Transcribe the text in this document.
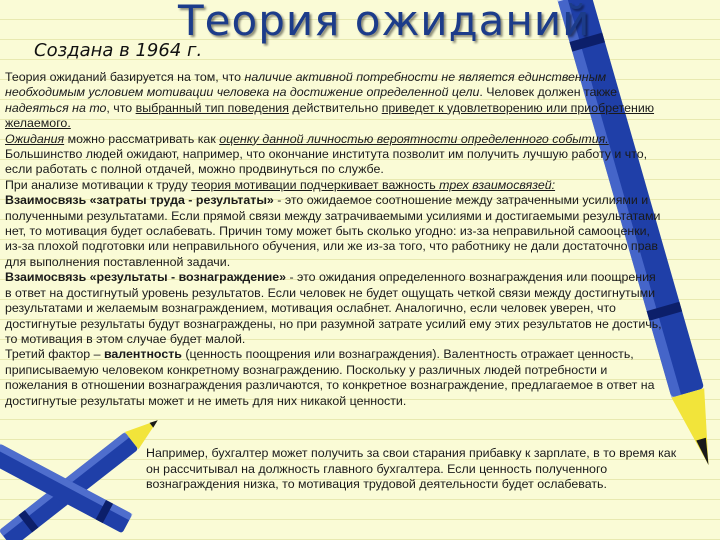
Теория ожиданий
Создана в 1964 г.

Теория ожиданий базируется на том, что наличие активной потребности не является единственным необходимым условием мотивации человека на достижение определенной цели. Человек должен также надеяться на то, что выбранный тип поведения действительно приведет к удовлетворению или приобретению желаемого.

Ожидания можно рассматривать как оценку данной личностью вероятности определенного события. Большинство людей ожидают, например, что окончание института позволит им получить лучшую работу и что, если работать с полной отдачей, можно продвинуться по службе.

При анализе мотивации к труду теория мотивации подчеркивает важность трех взаимосвязей:

Взаимосвязь «затраты труда - результаты» - это ожидаемое соотношение между затраченными усилиями и полученными результатами. Если прямой связи между затрачиваемыми усилиями и достигаемыми результатами нет, то мотивация будет ослабевать. Причин тому может быть сколько угодно: из-за неправильной самооценки, из-за плохой подготовки или неправильного обучения, или же из-за того, что работнику не дали достаточно прав для выполнения поставленной задачи.

Взаимосвязь «результаты - вознаграждение» - это ожидания определенного вознаграждения или поощрения в ответ на достигнутый уровень результатов. Если человек не будет ощущать четкой связи между достигнутыми результатами и желаемым вознаграждением, мотивация ослабнет. Аналогично, если человек уверен, что достигнутые результаты будут вознаграждены, но при разумной затрате усилий ему этих результатов не достичь, то мотивация в этом случае будет малой.

Третий фактор – валентность (ценность поощрения или вознаграждения). Валентность отражает ценность, приписываемую человеком конкретному вознаграждению. Поскольку у различных людей потребности и пожелания в отношении вознаграждения различаются, то конкретное вознаграждение, предлагаемое в ответ на достигнутые результаты может и не иметь для них никакой ценности.

Например, бухгалтер может получить за свои старания прибавку к зарплате, в то время как он рассчитывал на должность главного бухгалтера. Если ценность полученного вознаграждения низка, то мотивация трудовой деятельности будет ослабевать.
